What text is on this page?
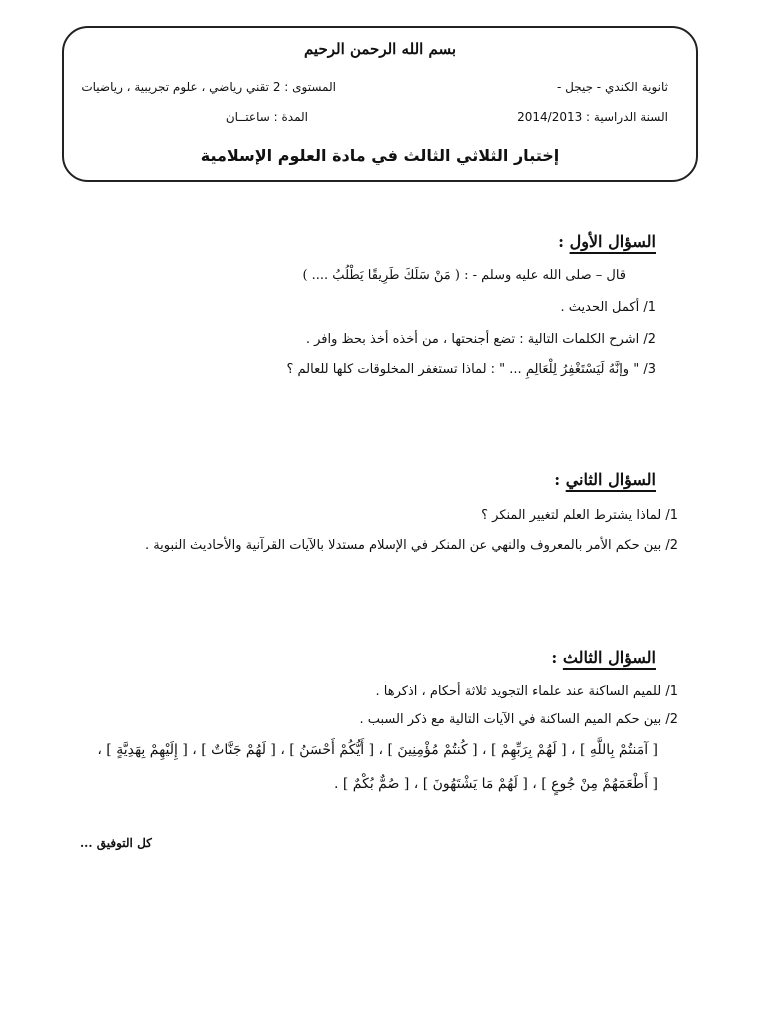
بسم الله الرحمن الرحيم
ثانوية الكندي - جيجل -
المستوى : 2 تقني رياضي ، علوم تجريبية ، رياضيات
السنة الدراسية : 2014/2013
المدة : ساعتــان
إختبار الثلاثي الثالث في مادة العلوم الإسلامية
السؤال الأول :
قال – صلى الله عليه وسلم - : ( مَنْ سَلَكَ طَرِيقًا يَطْلُبُ .... )
1/ أكمل الحديث .
2/ اشرح الكلمات التالية : تضع أجنحتها ، من أخذه أخذ بحظ وافر .
3/ " وإنَّهُ لَيَسْتَغْفِرُ لِلْعَالِمِ ... " : لماذا تستغفر المخلوقات كلها للعالم ؟
السؤال الثاني :
1/ لماذا يشترط العلم لتغيير المنكر ؟
2/ بين حكم الأمر بالمعروف والنهي عن المنكر في الإسلام مستدلا بالآيات القرآنية والأحاديث النبوية .
السؤال الثالث :
1/ للميم الساكنة عند علماء التجويد ثلاثة أحكام ، اذكرها .
2/ بين حكم الميم الساكنة في الآيات التالية مع ذكر السبب .
[ آمَنتُمْ بِاللَّهِ ] ، [ لَهُمْ بِرَبِّهِمْ ] ، [ كُنتُمْ مُؤْمِنِينَ ] ، [ أَيُّكُمْ أَحْسَنُ ] ، [ لَهُمْ جَنَّاتٌ ] ، [ إِلَيْهِمْ بِهَدِيَّةٍ ] ،
[ أَطْعَمَهُمْ مِنْ جُوعٍ ] ، [ لَهُمْ مَا يَشْتَهُونَ ] ، [ صُمٌّ بُكْمٌ ] .
كل التوفيق ...
